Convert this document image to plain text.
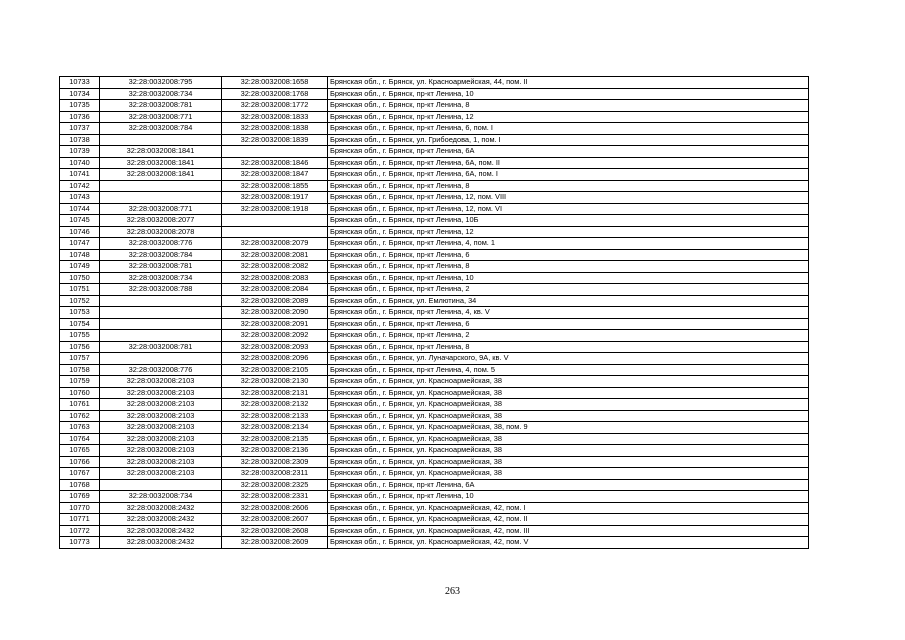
10733	32:28:0032008:795	32:28:0032008:1658	Брянская обл., г. Брянск, ул. Красноармейская, 44, пом. II
10734	32:28:0032008:734	32:28:0032008:1768	Брянская обл., г. Брянск, пр-кт Ленина, 10
10735	32:28:0032008:781	32:28:0032008:1772	Брянская обл., г. Брянск, пр-кт Ленина, 8
10736	32:28:0032008:771	32:28:0032008:1833	Брянская обл., г. Брянск, пр-кт Ленина, 12
10737	32:28:0032008:784	32:28:0032008:1838	Брянская обл., г. Брянск, пр-кт Ленина, 6, пом. I
10738		32:28:0032008:1839	Брянская обл., г. Брянск, ул. Грибоедова, 1, пом. I
10739	32:28:0032008:1841		Брянская обл., г. Брянск, пр-кт Ленина, 6А
10740	32:28:0032008:1841	32:28:0032008:1846	Брянская обл., г. Брянск, пр-кт Ленина, 6А, пом. II
10741	32:28:0032008:1841	32:28:0032008:1847	Брянская обл., г. Брянск, пр-кт Ленина, 6А, пом. I
10742		32:28:0032008:1855	Брянская обл., г. Брянск, пр-кт Ленина, 8
10743		32:28:0032008:1917	Брянская обл., г. Брянск, пр-кт Ленина, 12, пом. VIII
10744	32:28:0032008:771	32:28:0032008:1918	Брянская обл., г. Брянск, пр-кт Ленина, 12, пом. VI
10745	32:28:0032008:2077		Брянская обл., г. Брянск, пр-кт Ленина, 10Б
10746	32:28:0032008:2078		Брянская обл., г. Брянск, пр-кт Ленина, 12
10747	32:28:0032008:776	32:28:0032008:2079	Брянская обл., г. Брянск, пр-кт Ленина, 4, пом. 1
10748	32:28:0032008:784	32:28:0032008:2081	Брянская обл., г. Брянск, пр-кт Ленина, 6
10749	32:28:0032008:781	32:28:0032008:2082	Брянская обл., г. Брянск, пр-кт Ленина, 8
10750	32:28:0032008:734	32:28:0032008:2083	Брянская обл., г. Брянск, пр-кт Ленина, 10
10751	32:28:0032008:788	32:28:0032008:2084	Брянская обл., г. Брянск, пр-кт Ленина, 2
10752		32:28:0032008:2089	Брянская обл., г. Брянск, ул. Емлютина, 34
10753		32:28:0032008:2090	Брянская обл., г. Брянск, пр-кт Ленина, 4, кв. V
10754		32:28:0032008:2091	Брянская обл., г. Брянск, пр-кт Ленина, 6
10755		32:28:0032008:2092	Брянская обл., г. Брянск, пр-кт Ленина, 2
10756	32:28:0032008:781	32:28:0032008:2093	Брянская обл., г. Брянск, пр-кт Ленина, 8
10757		32:28:0032008:2096	Брянская обл., г. Брянск, ул. Луначарского, 9А, кв. V
10758	32:28:0032008:776	32:28:0032008:2105	Брянская обл., г. Брянск, пр-кт Ленина, 4, пом. 5
10759	32:28:0032008:2103	32:28:0032008:2130	Брянская обл., г. Брянск, ул. Красноармейская, 38
10760	32:28:0032008:2103	32:28:0032008:2131	Брянская обл., г. Брянск, ул. Красноармейская, 38
10761	32:28:0032008:2103	32:28:0032008:2132	Брянская обл., г. Брянск, ул. Красноармейская, 38
10762	32:28:0032008:2103	32:28:0032008:2133	Брянская обл., г. Брянск, ул. Красноармейская, 38
10763	32:28:0032008:2103	32:28:0032008:2134	Брянская обл., г. Брянск, ул. Красноармейская, 38, пом. 9
10764	32:28:0032008:2103	32:28:0032008:2135	Брянская обл., г. Брянск, ул. Красноармейская, 38
10765	32:28:0032008:2103	32:28:0032008:2136	Брянская обл., г. Брянск, ул. Красноармейская, 38
10766	32:28:0032008:2103	32:28:0032008:2309	Брянская обл., г. Брянск, ул. Красноармейская, 38
10767	32:28:0032008:2103	32:28:0032008:2311	Брянская обл., г. Брянск, ул. Красноармейская, 38
10768		32:28:0032008:2325	Брянская обл., г. Брянск, пр-кт Ленина, 6А
10769	32:28:0032008:734	32:28:0032008:2331	Брянская обл., г. Брянск, пр-кт Ленина, 10
10770	32:28:0032008:2432	32:28:0032008:2606	Брянская обл., г. Брянск, ул. Красноармейская, 42, пом. I
10771	32:28:0032008:2432	32:28:0032008:2607	Брянская обл., г. Брянск, ул. Красноармейская, 42, пом. II
10772	32:28:0032008:2432	32:28:0032008:2608	Брянская обл., г. Брянск, ул. Красноармейская, 42, пом. III
10773	32:28:0032008:2432	32:28:0032008:2609	Брянская обл., г. Брянск, ул. Красноармейская, 42, пом. V
263
